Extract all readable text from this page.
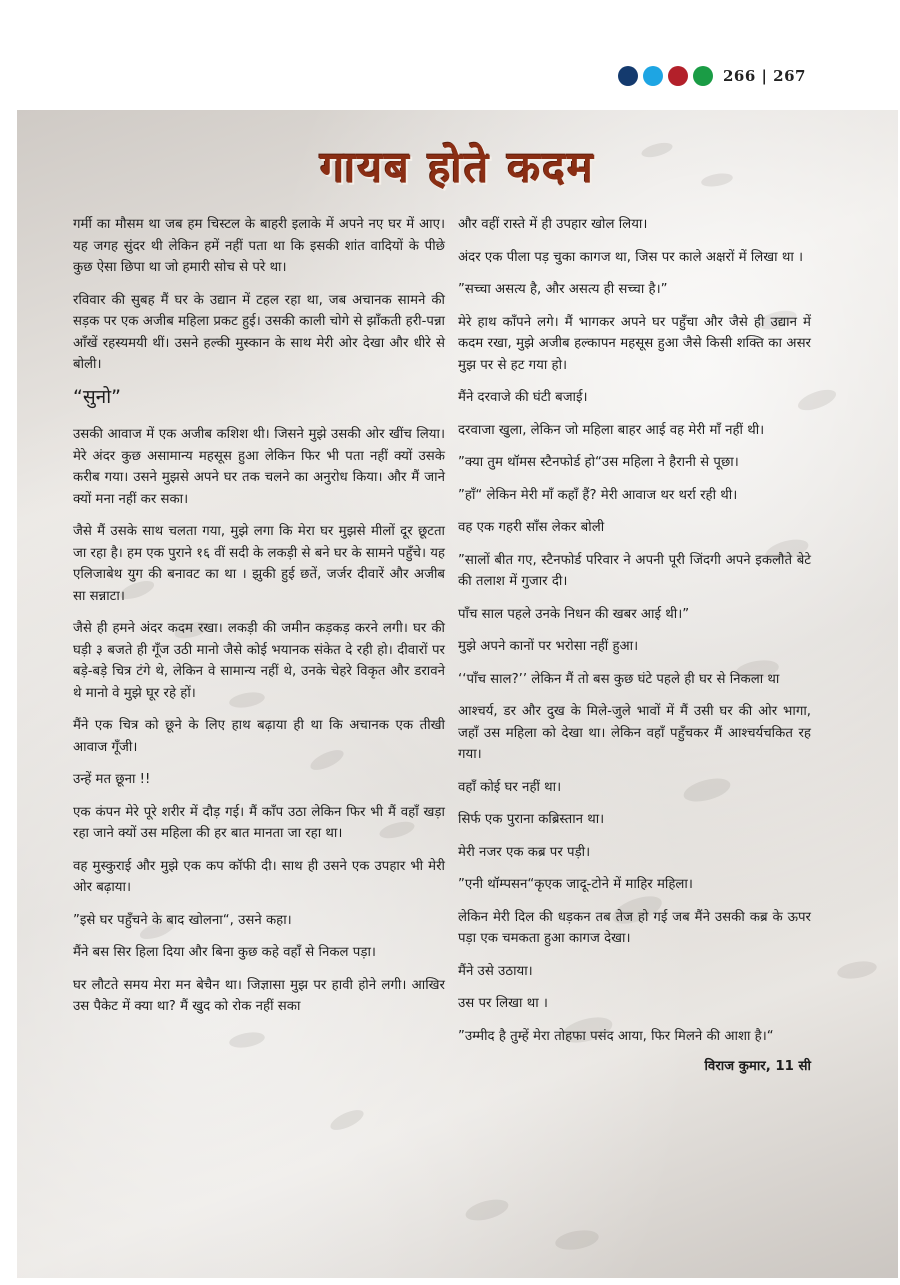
266 | 267
गायब होते कदम

गर्मी का मौसम था जब हम चिस्टल के बाहरी इलाके में अपने नए घर में आए। यह जगह सुंदर थी लेकिन हमें नहीं पता था कि इसकी शांत वादियों के पीछे कुछ ऐसा छिपा था जो हमारी सोच से परे था।

रविवार की सुबह मैं घर के उद्यान में टहल रहा था, जब अचानक सामने की सड़क पर एक अजीब महिला प्रकट हुई। उसकी काली चोगे से झाँकती हरी-पन्ना आँखें रहस्यमयी थीं। उसने हल्की मुस्कान के साथ मेरी ओर देखा और धीरे से बोली।

“सुनो”

उसकी आवाज में एक अजीब कशिश थी। जिसने मुझे उसकी ओर खींच लिया। मेरे अंदर कुछ असामान्य महसूस हुआ लेकिन फिर भी पता नहीं क्यों उसके करीब गया। उसने मुझसे अपने घर तक चलने का अनुरोध किया। और मैं जाने क्यों मना नहीं कर सका।

जैसे मैं उसके साथ चलता गया, मुझे लगा कि मेरा घर मुझसे मीलों दूर छूटता जा रहा है। हम एक पुराने १६ वीं सदी के लकड़ी से बने घर के सामने पहुँचे। यह एलिजाबेथ युग की बनावट का था । झुकी हुई छतें, जर्जर दीवारें और अजीब सा सन्नाटा।

जैसे ही हमने अंदर कदम रखा। लकड़ी की जमीन कड़कड़ करने लगी। घर की घड़ी ३ बजते ही गूँज उठी मानो जैसे कोई भयानक संकेत दे रही हो। दीवारों पर बड़े-बड़े चित्र टंगे थे, लेकिन वे सामान्य नहीं थे, उनके चेहरे विकृत और डरावने थे मानो वे मुझे घूर रहे हों।

मैंने एक चित्र को छूने के लिए हाथ बढ़ाया ही था कि अचानक एक तीखी आवाज गूँजी।

उन्हें मत छूना !!

एक कंपन मेरे पूरे शरीर में दौड़ गई। मैं काँप उठा लेकिन फिर भी मैं वहाँ खड़ा रहा जाने क्यों उस महिला की हर बात मानता जा रहा था।

वह मुस्कुराई और मुझे एक कप कॉफी दी। साथ ही उसने एक उपहार भी मेरी ओर बढ़ाया।

”इसे घर पहुँचने के बाद खोलना“, उसने कहा।

मैंने बस सिर हिला दिया और बिना कुछ कहे वहाँ से निकल पड़ा।

घर लौटते समय मेरा मन बेचैन था। जिज्ञासा मुझ पर हावी होने लगी। आखिर उस पैकेट में क्या था? मैं खुद को रोक नहीं सका

और वहीं रास्ते में ही उपहार खोल लिया।

अंदर एक पीला पड़ चुका कागज था, जिस पर काले अक्षरों में लिखा था ।

”सच्चा असत्य है, और असत्य ही सच्चा है।”

मेरे हाथ काँपने लगे। मैं भागकर अपने घर पहुँचा और जैसे ही उद्यान में कदम रखा, मुझे अजीब हल्कापन महसूस हुआ जैसे किसी शक्ति का असर मुझ पर से हट गया हो।

मैंने दरवाजे की घंटी बजाई।

दरवाजा खुला, लेकिन जो महिला बाहर आई वह मेरी माँ नहीं थी।

”क्या तुम थॉमस स्टैनफोर्ड हो“उस महिला ने हैरानी से पूछा।

”हाँ“ लेकिन मेरी माँ कहाँ हैं? मेरी आवाज थर थर्रा रही थी।

वह एक गहरी साँस लेकर बोली

”सालों बीत गए, स्टैनफोर्ड परिवार ने अपनी पूरी जिंदगी अपने इकलौते बेटे की तलाश में गुजार दी।

पाँच साल पहले उनके निधन की खबर आई थी।”

मुझे अपने कानों पर भरोसा नहीं हुआ।

‘‘पाँच साल?’’ लेकिन मैं तो बस कुछ घंटे पहले ही घर से निकला था

आश्चर्य, डर और दुख के मिले-जुले भावों में मैं उसी घर की ओर भागा, जहाँ उस महिला को देखा था। लेकिन वहाँ पहुँचकर मैं आश्चर्यचकित रह गया।

वहाँ कोई घर नहीं था।

सिर्फ एक पुराना कब्रिस्तान था।

मेरी नजर एक कब्र पर पड़ी।

”एनी थॉम्पसन“कृएक जादू-टोने में माहिर महिला।

लेकिन मेरी दिल की धड़कन तब तेज हो गई जब मैंने उसकी कब्र के ऊपर पड़ा एक चमकता हुआ कागज देखा।

मैंने उसे उठाया।

उस पर लिखा था ।

”उम्मीद है तुम्हें मेरा तोहफा पसंद आया, फिर मिलने की आशा है।“

विराज कुमार, 11 सी
